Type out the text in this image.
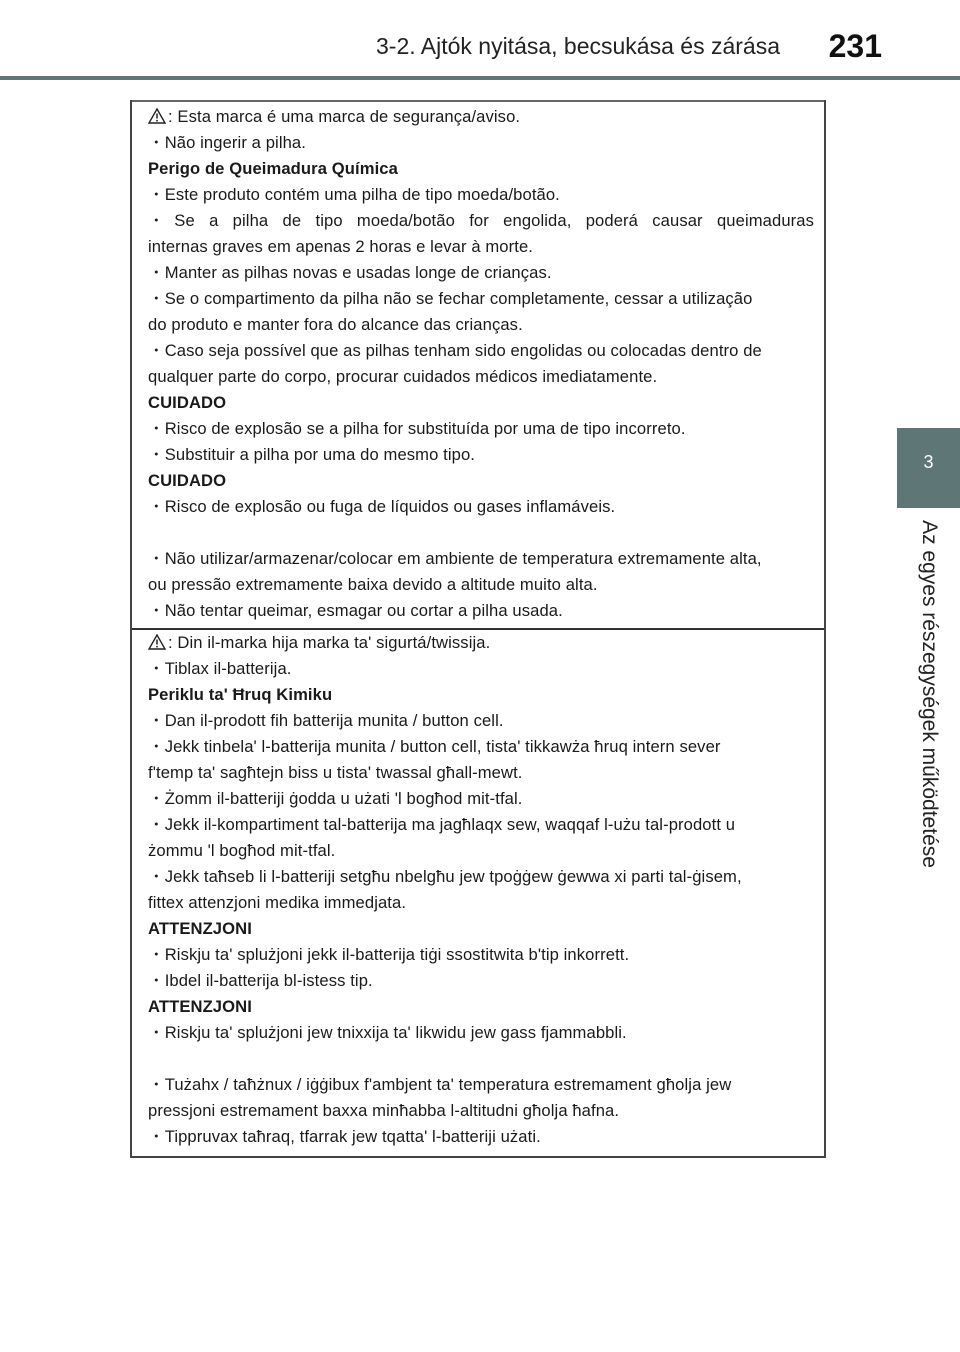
3-2. Ajtók nyitása, becsukása és zárása 231
3
Az egyes részegységek működtetése
: Esta marca é uma marca de segurança/aviso.
・Não ingerir a pilha.
Perigo de Queimadura Química
・Este produto contém uma pilha de tipo moeda/botão.
・Se a pilha de tipo moeda/botão for engolida, poderá causar queimaduras
internas graves em apenas 2 horas e levar à morte.
・Manter as pilhas novas e usadas longe de crianças.
・Se o compartimento da pilha não se fechar completamente, cessar a utilização
do produto e manter fora do alcance das crianças.
・Caso seja possível que as pilhas tenham sido engolidas ou colocadas dentro de
qualquer parte do corpo, procurar cuidados médicos imediatamente.
CUIDADO
・Risco de explosão se a pilha for substituída por uma de tipo incorreto.
・Substituir a pilha por uma do mesmo tipo.
CUIDADO
・Risco de explosão ou fuga de líquidos ou gases inflamáveis.
・Não utilizar/armazenar/colocar em ambiente de temperatura extremamente alta,
ou pressão extremamente baixa devido a altitude muito alta.
・Não tentar queimar, esmagar ou cortar a pilha usada.
: Din il-marka hija marka ta' sigurtá/twissija.
・Tiblax il-batterija.
Periklu ta' Ħruq Kimiku
・Dan il-prodott fih batterija munita / button cell.
・Jekk tinbela' l-batterija munita / button cell, tista' tikkawża ħruq intern sever
f'temp ta' sagħtejn biss u tista' twassal għall-mewt.
・Żomm il-batteriji ġodda u użati 'l bogħod mit-tfal.
・Jekk il-kompartiment tal-batterija ma jagħlaqx sew, waqqaf l-użu tal-prodott u
żommu 'l bogħod mit-tfal.
・Jekk taħseb li l-batteriji setgħu nbelgħu jew tpoġġew ġewwa xi parti tal-ġisem,
fittex attenzjoni medika immedjata.
ATTENZJONI
・Riskju ta' splużjoni jekk il-batterija tiġi ssostitwita b'tip inkorrett.
・Ibdel il-batterija bl-istess tip.
ATTENZJONI
・Riskju ta' splużjoni jew tnixxija ta' likwidu jew gass fjammabbli.
・Tużahx / taħżnux / iġġibux f'ambjent ta' temperatura estremament għolja jew
pressjoni estremament baxxa minħabba l-altitudni għolja ħafna.
・Tippruvax taħraq, tfarrak jew tqatta' l-batteriji użati.
